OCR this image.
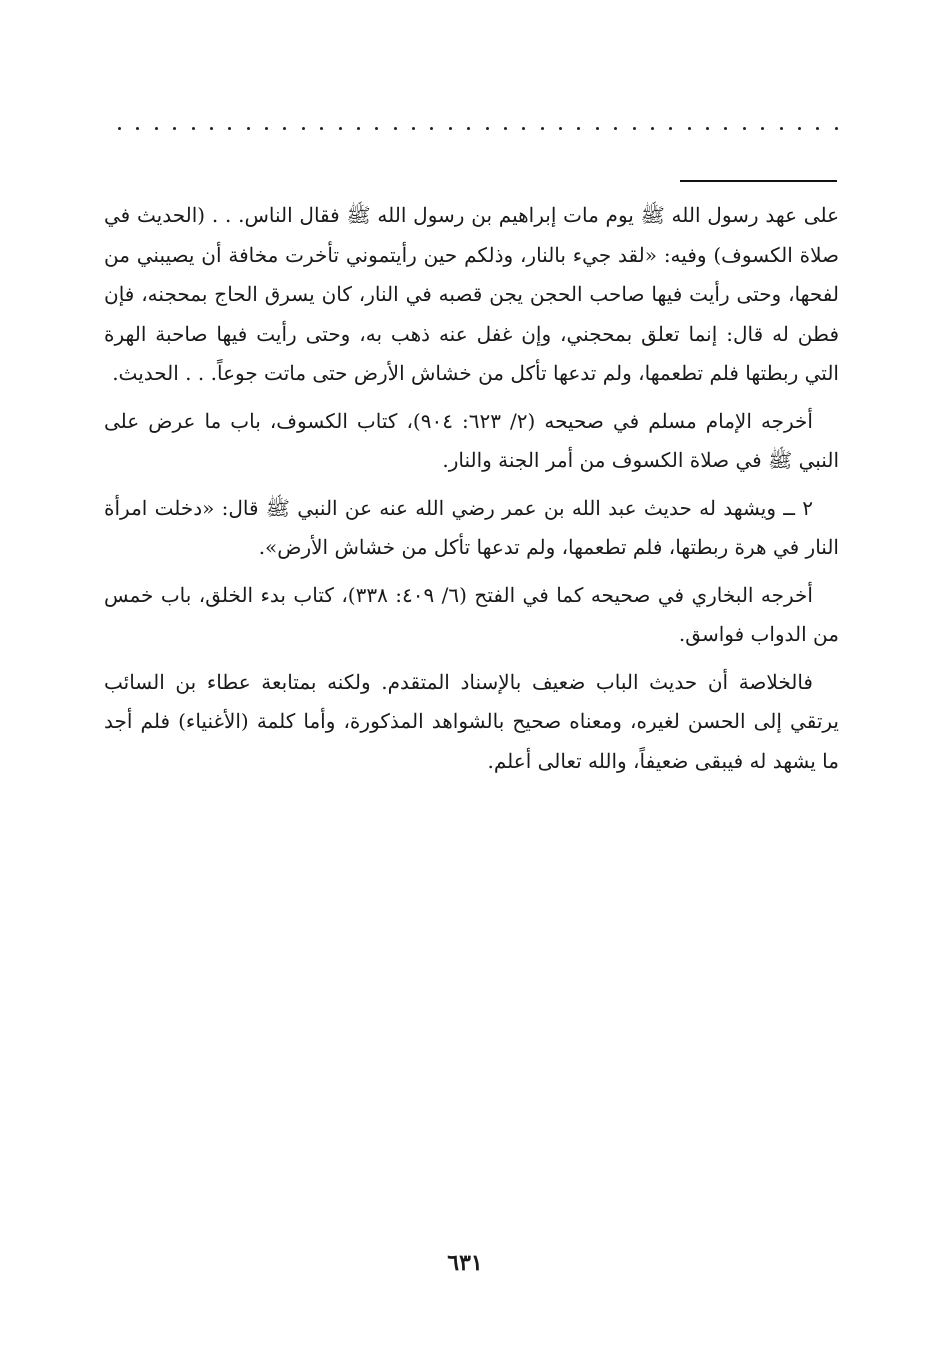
على عهد رسول الله ﷺ يوم مات إبراهيم بن رسول الله ﷺ فقال الناس. . . (الحديث في صلاة الكسوف) وفيه: «لقد جيء بالنار، وذلكم حين رأيتموني تأخرت مخافة أن يصيبني من لفحها، وحتى رأيت فيها صاحب الحجن يجن قصبه في النار، كان يسرق الحاج بمحجنه، فإن فطن له قال: إنما تعلق بمحجني، وإن غفل عنه ذهب به، وحتى رأيت فيها صاحبة الهرة التي ربطتها فلم تطعمها، ولم تدعها تأكل من خشاش الأرض حتى ماتت جوعاً. . . الحديث.

أخرجه الإمام مسلم في صحيحه (٢/ ٦٢٣: ٩٠٤)، كتاب الكسوف، باب ما عرض على النبي ﷺ في صلاة الكسوف من أمر الجنة والنار.

٢ ــ ويشهد له حديث عبد الله بن عمر رضي الله عنه عن النبي ﷺ قال: «دخلت امرأة النار في هرة ربطتها، فلم تطعمها، ولم تدعها تأكل من خشاش الأرض».

أخرجه البخاري في صحيحه كما في الفتح (٦/ ٤٠٩: ٣٣٨)، كتاب بدء الخلق، باب خمس من الدواب فواسق.

فالخلاصة أن حديث الباب ضعيف بالإسناد المتقدم. ولكنه بمتابعة عطاء بن السائب يرتقي إلى الحسن لغيره، ومعناه صحيح بالشواهد المذكورة، وأما كلمة (الأغنياء) فلم أجد ما يشهد له فيبقى ضعيفاً، والله تعالى أعلم.

٦٣١
